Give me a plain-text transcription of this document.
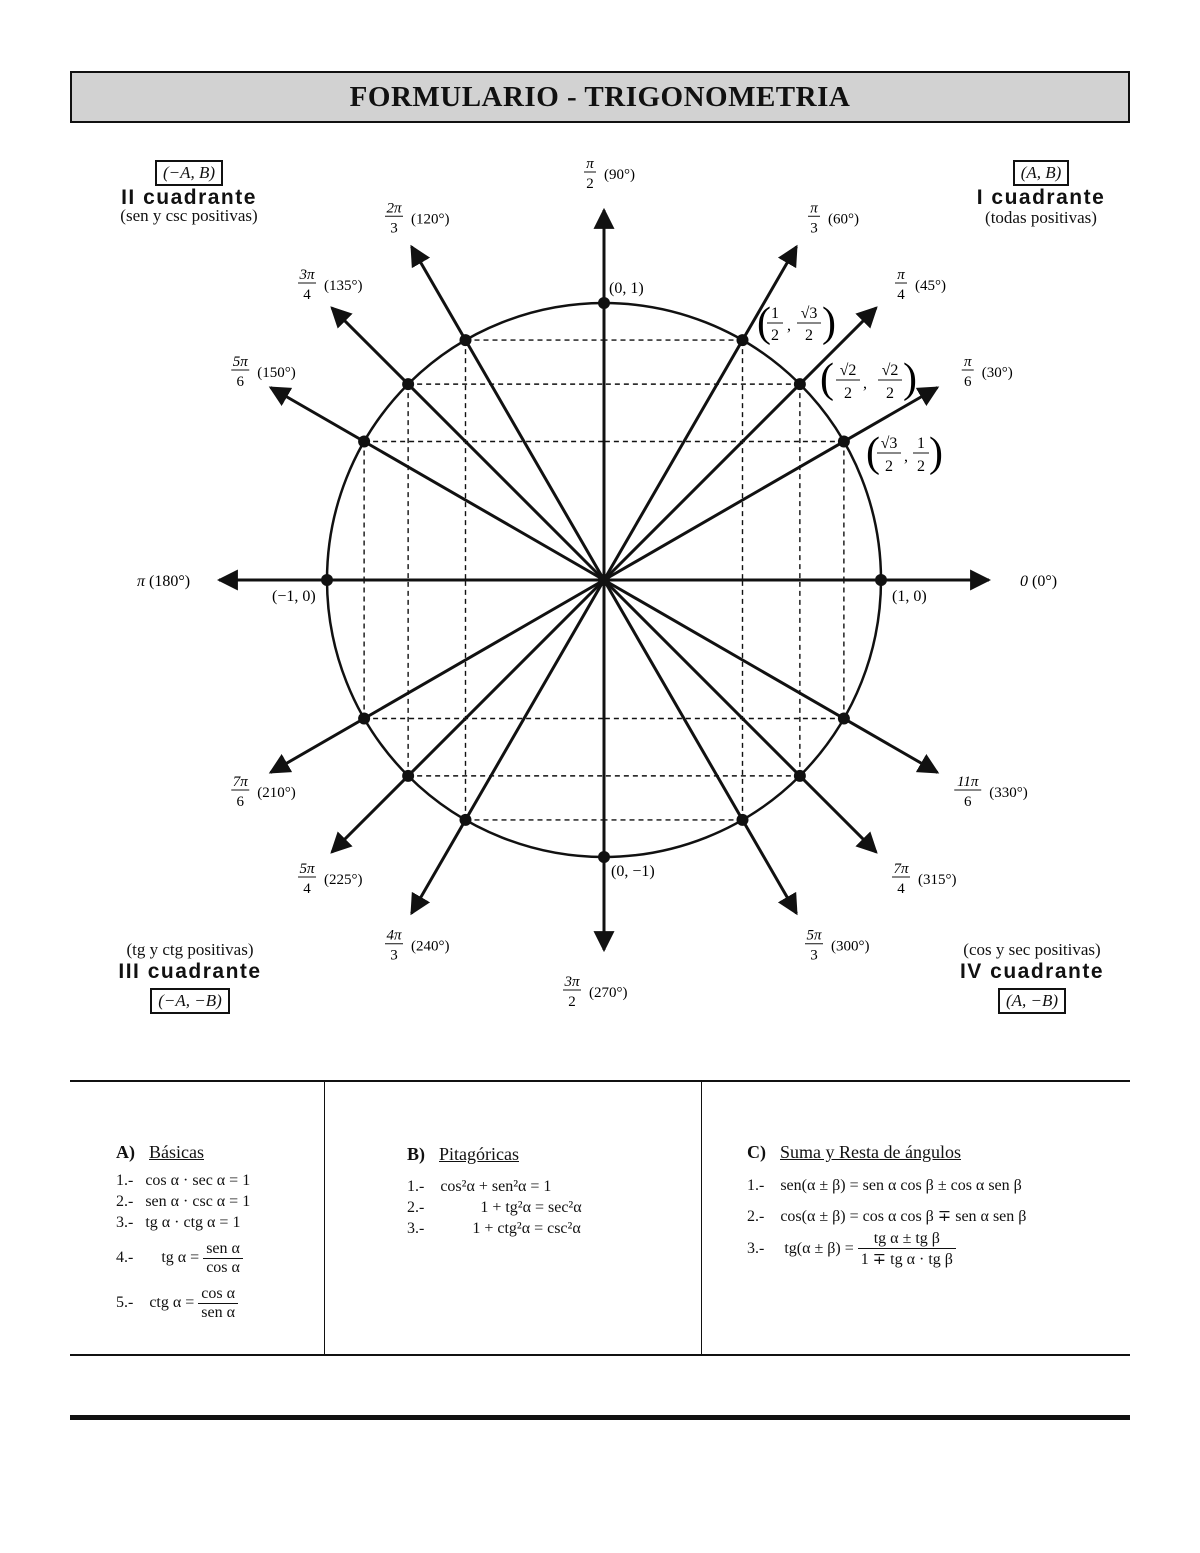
FORMULARIO - TRIGONOMETRIA
0 (0°)
π
6
(30°)
π
4
(45°)
π
3
(60°)
π
2
(90°)
2π
3
(120°)
3π
4
(135°)
5π
6
(150°)
π (180°)
7π
6
(210°)
5π
4
(225°)
4π
3
(240°)
3π
2
(270°)
5π
3
(300°)
7π
4
(315°)
11π
6
(330°)
(1, 0)
(0, 1)
(−1, 0)
(0, −1)
( 1
2
,
√3
2 )
( √2
2
,
√2
2 )
( √3
2
,
1
2 )
(−A, B)
II cuadrante
(sen y csc positivas)
(A, B)
I cuadrante
(todas positivas)
(tg y ctg positivas)
III cuadrante
(−A, −B)
(cos y sec positivas)
IV cuadrante
(A, −B)
A) Básicas
1.-   cos α · sec α = 1
2.-   sen α · csc α = 1
3.-   tg α · ctg α = 1
4.- tg α =
sen α
cos α
5.- ctg α =
cos α
sen α
B) Pitagóricas
1.-    cos²α + sen²α = 1
2.-              1 + tg²α = sec²α
3.-            1 + ctg²α = csc²α
C) Suma y Resta de ángulos
1.-    sen(α ± β) = sen α cos β ± cos α sen β
2.-    cos(α ± β) = cos α cos β ∓ sen α sen β
3.- $tg(\alpha \pm \beta) = \frac{\text{tg α ± tg β}}{\text{1 ∓ tg α · tg β}}$
